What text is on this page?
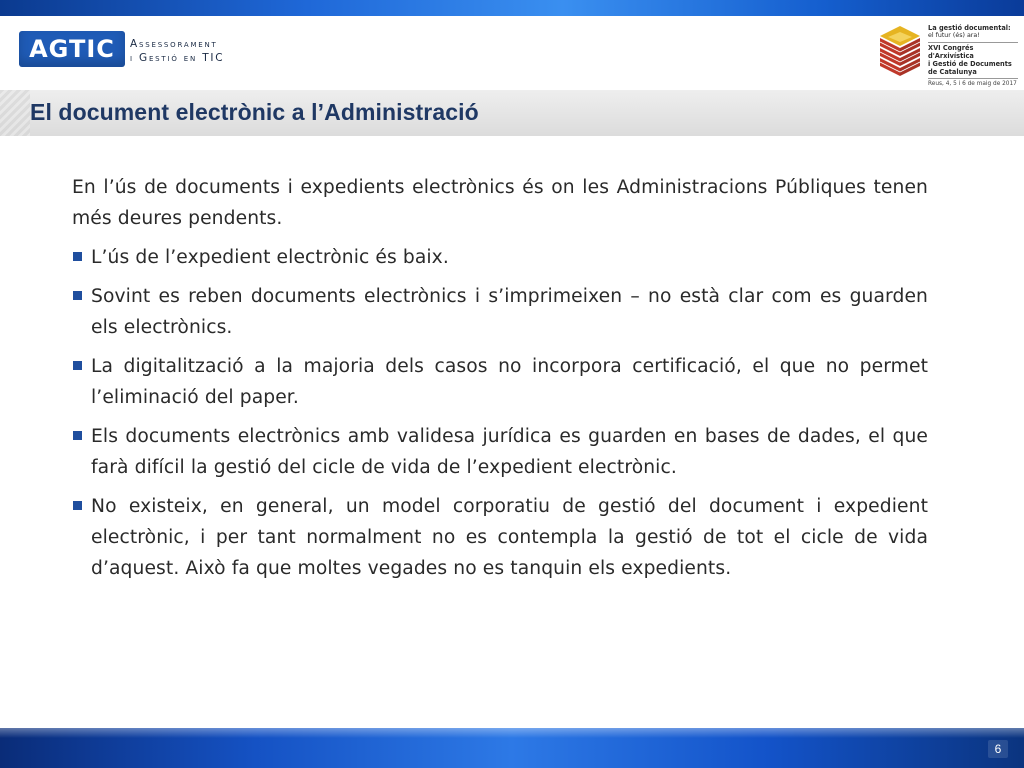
AGTIC	Assessorament
i Gestió en TIC
La gestió documental:
el futur (és) ara!
XVI Congrés d'Arxivística
i Gestió de Documents
de Catalunya
Reus, 4, 5 i 6 de maig de 2017
El document electrònic a l’Administració

En l’ús de documents i expedients electrònics és on les Administracions Públiques tenen més deures pendents.

L’ús de l’expedient electrònic és baix.
Sovint es reben documents electrònics i s’imprimeixen – no està clar com es guarden els electrònics.
La digitalització a la majoria dels casos no incorpora certificació, el que no permet l’eliminació del paper.
Els documents electrònics amb validesa jurídica es guarden en bases de dades, el que farà difícil la gestió del cicle de vida de l’expedient electrònic.
No existeix, en general, un model corporatiu de gestió del document i expedient electrònic, i per tant normalment no es contempla la gestió de tot el cicle de vida d’aquest. Això fa que moltes vegades no es tanquin els expedients.
6
